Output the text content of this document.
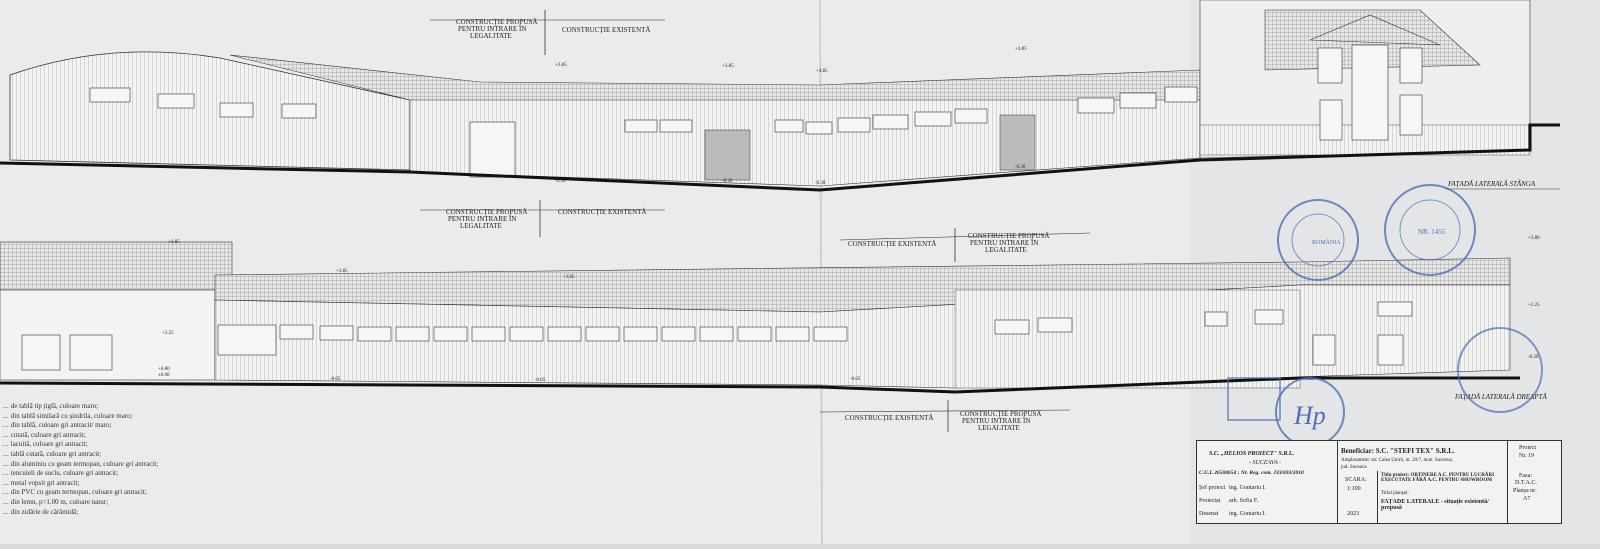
FAȚADĂ LATERALĂ STÂNGA
CONSTRUCȚIE PROPUSĂ
PENTRU INTRARE ÎN
LEGALITATE
CONSTRUCȚIE EXISTENTĂ
+3.85	+3.85
+3.85
+3.85
-0.30	-0.30	-0.30
-0.30
CONSTRUCȚIE PROPUSĂ
PENTRU INTRARE ÎN
LEGALITATE
CONSTRUCȚIE EXISTENTĂ
CONSTRUCȚIE EXISTENTĂ
CONSTRUCȚIE PROPUSĂ
PENTRU INTRARE ÎN
LEGALITATE
+3.85
+3.85
+3.85
+2.25
+0.80
±0.00
-0.05	-0.05	-0.05
+3.80
+2.25
-0.20
FAȚADĂ LATERALĂ DREAPTĂ
CONSTRUCȚIE EXISTENTĂ	CONSTRUCȚIE PROPUSĂ
PENTRU INTRARE ÎN
LEGALITATE
ROMÂNIA
NR. 1455
Hp
… de tablă tip țiglă, culoare maro;
… din tablă similară cu șindrila, culoare maro;
… din tablă, culoare gri antracit/ maro;
… cutată, culoare gri antracit;
… lacuită, culoare gri antracit;
… tablă cutată, culoare gri antracit;
… din aluminiu cu geam termopan, culoare gri antracit;
… tencuieli de soclu, culoare gri antracit;
… metal vopsit gri antracit;
… din PVC cu geam termopan, culoare gri antracit;
… din lemn, p=1.00 m, culoare natur;
… din zidărie de cărămidă;
S.C. „HELIOS PROIECT" S.R.L.
- SUCEAVA -
C.U.I. 26508654 ; Nr. Reg. com. J33/693/2010
Șef proiect ing. Gontariu I.
Proiectat arh. Sofia F.
Desenat ing. Gontariu I.
Beneficiar: S.C. "STEFI TEX" S.R.L.
Amplasament: str. Calea Unirii, nr. 20/7, mun. Suceava,
jud. Suceava
SCARA:
1:100
2023
Titlu proiect: OBȚINERE A.C. PENTRU LUCRĂRI EXECUTATE FĂRĂ A.C. PENTRU SHOWROOM
Titlul planșei:
FAȚADE LATERALE - situație existentă/ propusă
Proiect
Nr. 19
Faza:
D.T.A.C.
Planșa nr:
A7
